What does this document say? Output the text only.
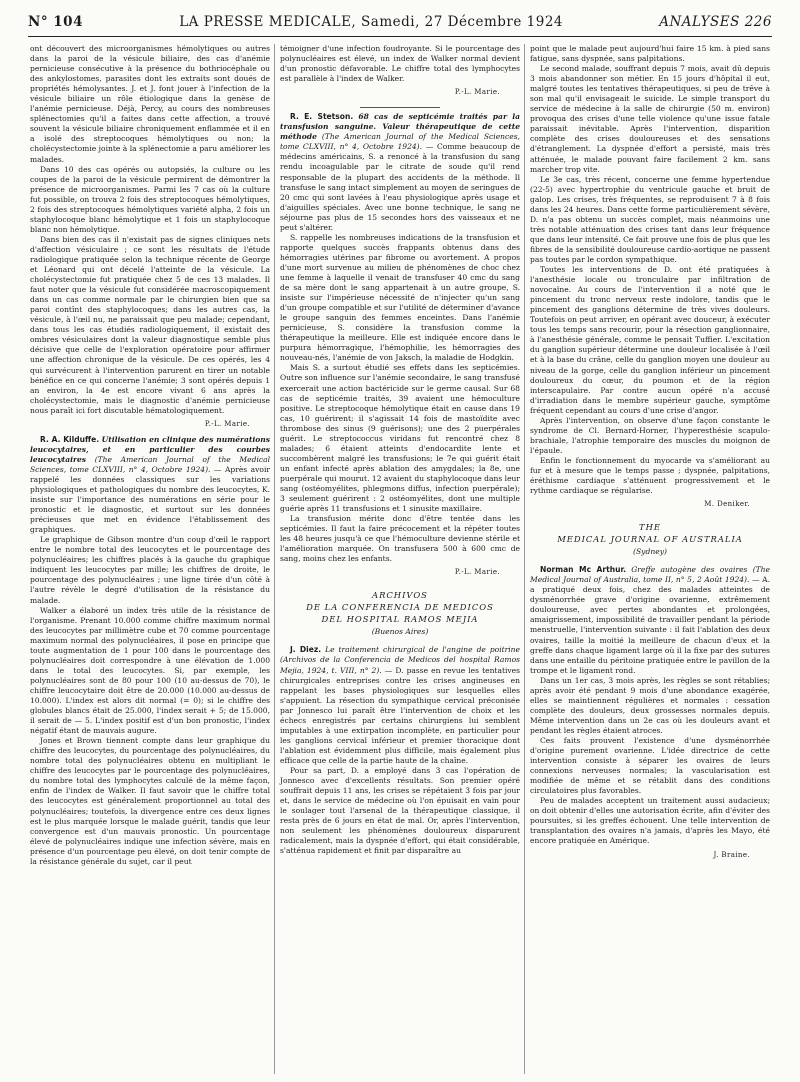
N° 104	LA PRESSE MEDICALE, Samedi, 27 Décembre 1924	ANALYSES 226

ont découvert des microorganismes hémolytiques ou autres dans la paroi de la vésicule biliaire, des cas d'anémie pernicieuse consécutive à la présence du bothriocéphale ou des ankylostomes, parasites dont les extraits sont doués de propriétés hémolysantes. J. et J. font jouer à l'infection de la vésicule biliaire un rôle étiologique dans la genèse de l'anémie pernicieuse. Déjà, Percy, au cours des nombreuses splénectomies qu'il a faites dans cette affection, a trouvé souvent la vésicule biliaire chroniquement enflammée et il en a isolé des streptocoques hémolytiques ou non; la cholécystectomie jointe à la splénectomie a paru améliorer les malades.

Dans 10 des cas opérés ou autopsiés, la culture ou les coupes de la paroi de la vésicule permirent de démontrer la présence de microorganismes. Parmi les 7 cas où la culture fut possible, on trouva 2 fois des streptocoques hémolytiques, 2 fois des streptocoques hémolytiques variété alpha, 2 fois un staphylocoque blanc hémolytique et 1 fois un staphylocoque blanc non hémolytique.

Dans bien des cas il n'existait pas de signes cliniques nets d'affection vésiculaire ; ce sont les résultats de l'étude radiologique pratiquée selon la technique récente de George et Léonard qui ont décelé l'atteinte de la vésicule. La cholécystectomie fut pratiquée chez 5 de ces 13 malades. Il faut noter que la vésicule fut considérée macroscopiquement dans un cas comme normale par le chirurgien bien que sa paroi contînt des staphylocoques; dans les autres cas, la vésicule, à l'œil nu, ne paraissait que peu malade; cependant, dans tous les cas étudiés radiologiquement, il existait des ombres vésiculaires dont la valeur diagnostique semble plus décisive que celle de l'exploration opératoire pour affirmer une affection chronique de la vésicule. De ces opérés, les 4 qui survécurent à l'intervention parurent en tirer un notable bénéfice en ce qui concerne l'anémie; 3 sont opérés depuis 1 an environ, la 4e est encore vivant 6 ans après la cholécystectomie, mais le diagnostic d'anémie pernicieuse nous paraît ici fort discutable hématologiquement.

P.-L. Marie.

R. A. Kilduffe. Utilisation en clinique des numérations leucocytaires, et en particulier des courbes leucocytaires (The American Journal of the Medical Sciences, tome CLXVIII, n° 4, Octobre 1924). — Après avoir rappelé les données classiques sur les variations physiologiques et pathologiques du nombre des leucocytes, K. insiste sur l'importance des numérations en série pour le pronostic et le diagnostic, et surtout sur les données précieuses que met en évidence l'établissement des graphiques.

Le graphique de Gibson montre d'un coup d'œil le rapport entre le nombre total des leucocytes et le pourcentage des polynucléaires; les chiffres placés à la gauche du graphique indiquent les leucocytes par mille; les chiffres de droite, le pourcentage des polynucléaires ; une ligne tirée d'un côté à l'autre révèle le degré d'utilisation de la résistance du malade.

Walker a élaboré un index très utile de la résistance de l'organisme. Prenant 10.000 comme chiffre maximum normal des leucocytes par millimètre cube et 70 comme pourcentage maximum normal des polynucléaires, il pose en principe que toute augmentation de 1 pour 100 dans le pourcentage des polynucléaires doit correspondre à une élévation de 1.000 dans le total des leucocytes. Si, par exemple, les polynucléaires sont de 80 pour 100 (10 au-dessus de 70), le chiffre leucocytaire doit être de 20.000 (10.000 au-dessus de 10.000). L'index est alors dit normal (= 0); si le chiffre des globules blancs était de 25.000, l'index serait + 5; de 15.000, il serait de — 5. L'index positif est d'un bon pronostic, l'index négatif étant de mauvais augure.

Jones et Brown tiennent compte dans leur graphique du chiffre des leucocytes, du pourcentage des polynucléaires, du nombre total des polynucléaires obtenu en multipliant le chiffre des leucocytes par le pourcentage des polynucléaires, du nombre total des lymphocytes calculé de la même façon, enfin de l'index de Walker. Il faut savoir que le chiffre total des leucocytes est généralement proportionnel au total des polynucléaires; toutefois, la divergence entre ces deux lignes est le plus marquée lorsque le malade guérit, tandis que leur convergence est d'un mauvais pronostic. Un pourcentage élevé de polynucléaires indique une infection sévère, mais en présence d'un pourcentage peu élevé, on doit tenir compte de la résistance générale du sujet, car il peut

témoigner d'une infection foudroyante. Si le pourcentage des polynucléaires est élevé, un index de Walker normal devient d'un pronostic défavorable. Le chiffre total des lymphocytes est parallèle à l'index de Walker.

P.-L. Marie.

R. E. Stetson. 68 cas de septicémie traités par la transfusion sanguine. Valeur thérapeutique de cette méthode (The American Journal of the Medical Sciences, tome CLXVIII, n° 4, Octobre 1924). — Comme beaucoup de médecins américains, S. a renoncé à la transfusion du sang rendu incoagulable par le citrate de soude qu'il rend responsable de la plupart des accidents de la méthode. Il transfuse le sang intact simplement au moyen de seringues de 20 cmc qui sont lavées à l'eau physiologique après usage et d'aiguilles spéciales. Avec une bonne technique, le sang ne séjourne pas plus de 15 secondes hors des vaisseaux et ne peut s'altérer.

S. rappelle les nombreuses indications de la transfusion et rapporte quelques succès frappants obtenus dans des hémorragies utérines par fibrome ou avortement. A propos d'une mort survenue au milieu de phénomènes de choc chez une femme à laquelle il venait de transfuser 40 cmc du sang de sa mère dont le sang appartenait à un autre groupe, S. insiste sur l'impérieuse nécessité de n'injecter qu'un sang d'un groupe compatible et sur l'utilité de déterminer d'avance le groupe sanguin des femmes enceintes. Dans l'anémie pernicieuse, S. considère la transfusion comme la thérapeutique la meilleure. Elle est indiquée encore dans le purpura hémorragique, l'hémophilie, les hémorragies des nouveau-nés, l'anémie de von Jaksch, la maladie de Hodgkin.

Mais S. a surtout étudié ses effets dans les septicémies. Outre son influence sur l'anémie secondaire, le sang transfusé exercerait une action bactéricide sur le germe causal. Sur 68 cas de septicémie traités, 39 avaient une hémoculture positive. Le streptocoque hémolytique était en cause dans 19 cas, 10 guérirent; il s'agissait 14 fois de mastoïdite avec thrombose des sinus (9 guérisons); une des 2 puerpérales guérit. Le streptococcus viridans fut rencontré chez 8 malades; 6 étaient atteints d'endocardite lente et succombèrent malgré les transfusions; le 7e qui guérit était un enfant infecté après ablation des amygdales; la 8e, une puerpérale qui mourut. 12 avaient du staphylocoque dans leur sang (ostéomyélites, phlegmons diffus, infection puerpérale); 3 seulement guérirent : 2 ostéomyélites, dont une multiple guérie après 11 transfusions et 1 sinusite maxillaire.

La transfusion mérite donc d'être tentée dans les septicémies. Il faut la faire précocement et la répéter toutes les 48 heures jusqu'à ce que l'hémoculture devienne stérile et l'amélioration marquée. On transfusera 500 à 600 cmc de sang, moins chez les enfants.

P.-L. Marie.
ARCHIVOS
DE LA CONFERENCIA DE MEDICOS
DEL HOSPITAL RAMOS MEJIA
(Buenos Aires)

J. Diez. Le traitement chirurgical de l'angine de poitrine (Archivos de la Conferencia de Medicos del hospital Ramos Mejia, 1924, t. VIII, n° 2). — D. passe en revue les tentatives chirurgicales entreprises contre les crises angineuses en rappelant les bases physiologiques sur lesquelles elles s'appuient. La résection du sympathique cervical préconisée par Jonnesco lui paraît être l'intervention de choix et les échecs enregistrés par certains chirurgiens lui semblent imputables à une extirpation incomplète, en particulier pour les ganglions cervical inférieur et premier thoracique dont l'ablation est évidemment plus difficile, mais également plus efficace que celle de la partie haute de la chaîne.

Pour sa part, D. a employé dans 3 cas l'opération de Jonnesco avec d'excellents résultats. Son premier opéré souffrait depuis 11 ans, les crises se répétaient 3 fois par jour et, dans le service de médecine où l'on épuisait en vain pour le soulager tout l'arsenal de la thérapeutique classique, il resta près de 6 jours en état de mal. Or, après l'intervention, non seulement les phénomènes douloureux disparurent radicalement, mais la dyspnée d'effort, qui était considérable, s'atténua rapidement et finit par disparaître au

point que le malade peut aujourd'hui faire 15 km. à pied sans fatigue, sans dyspnée, sans palpitations.

Le second malade, souffrant depuis 7 mois, avait dû depuis 3 mois abandonner son métier. En 15 jours d'hôpital il eut, malgré toutes les tentatives thérapeutiques, si peu de trêve à son mal qu'il envisageait le suicide. Le simple transport du service de médecine à la salle de chirurgie (50 m. environ) provoqua des crises d'une telle violence qu'une issue fatale paraissait inévitable. Après l'intervention, disparition complète des crises douloureuses et des sensations d'étranglement. La dyspnée d'effort a persisté, mais très atténuée, le malade pouvant faire facilement 2 km. sans marcher trop vite.

Le 3e cas, très récent, concerne une femme hypertendue (22-5) avec hypertrophie du ventricule gauche et bruit de galop. Les crises, très fréquentes, se reproduisent 7 à 8 fois dans les 24 heures. Dans cette forme particulièrement sévère, D. n'a pas obtenu un succès complet, mais néanmoins une très notable atténuation des crises tant dans leur fréquence que dans leur intensité. Ce fait prouve une fois de plus que les fibres de la sensibilité douloureuse cardio-aortique ne passent pas toutes par le cordon sympathique.

Toutes les interventions de D. ont été pratiquées à l'anesthésie locale ou tronculaire par infiltration de novocaïne. Au cours de l'intervention il a noté que le pincement du tronc nerveux reste indolore, tandis que le pincement des ganglions détermine de très vives douleurs. Toutefois on peut arriver, en opérant avec douceur, à exécuter tous les temps sans recourir, pour la résection ganglionnaire, à l'anesthésie générale, comme le pensait Tuffier. L'excitation du ganglion supérieur détermine une douleur localisée à l'œil et à la base du crâne, celle du ganglion moyen une douleur au niveau de la gorge, celle du ganglion inférieur un pincement douloureux du cœur, du poumon et de la région interscapulaire. Par contre aucun opéré n'a accusé d'irradiation dans le membre supérieur gauche, symptôme fréquent cependant au cours d'une crise d'angor.

Après l'intervention, on observe d'une façon constante le syndrome de Cl. Bernard-Horner, l'hyperesthésie scapulo-brachiale, l'atrophie temporaire des muscles du moignon de l'épaule.

Enfin le fonctionnement du myocarde va s'améliorant au fur et à mesure que le temps passe ; dyspnée, palpitations, éréthisme cardiaque s'atténuent progressivement et le rythme cardiaque se régularise.

M. Deniker.
THE
MEDICAL JOURNAL OF AUSTRALIA
(Sydney)

Norman Mc Arthur. Greffe autogène des ovaires (The Medical Journal of Australia, tome II, n° 5, 2 Août 1924). — A. a pratiqué deux fois, chez des malades atteintes de dysménorrhée grave d'origine ovarienne, extrêmement douloureuse, avec pertes abondantes et prolongées, amaigrissement, impossibilité de travailler pendant la période menstruelle, l'intervention suivante : il fait l'ablation des deux ovaires, taille la moitié la meilleure de chacun d'eux et la greffe dans chaque ligament large où il la fixe par des sutures dans une entaille du péritoine pratiquée entre le pavillon de la trompe et le ligament rond.

Dans un 1er cas, 3 mois après, les règles se sont rétablies; après avoir été pendant 9 mois d'une abondance exagérée, elles se maintiennent régulières et normales : cessation complète des douleurs, deux grossesses normales depuis. Même intervention dans un 2e cas où les douleurs avant et pendant les règles étaient atroces.

Ces faits prouvent l'existence d'une dysménorrhée d'origine purement ovarienne. L'idée directrice de cette intervention consiste à séparer les ovaires de leurs connexions nerveuses normales; la vascularisation est modifiée de même et se rétablit dans des conditions circulatoires plus favorables.

Peu de malades acceptent un traitement aussi audacieux; on doit obtenir d'elles une autorisation écrite, afin d'éviter des poursuites, si les greffes échouent. Une telle intervention de transplantation des ovaires n'a jamais, d'après les Mayo, été encore pratiquée en Amérique.

J. Braine.
